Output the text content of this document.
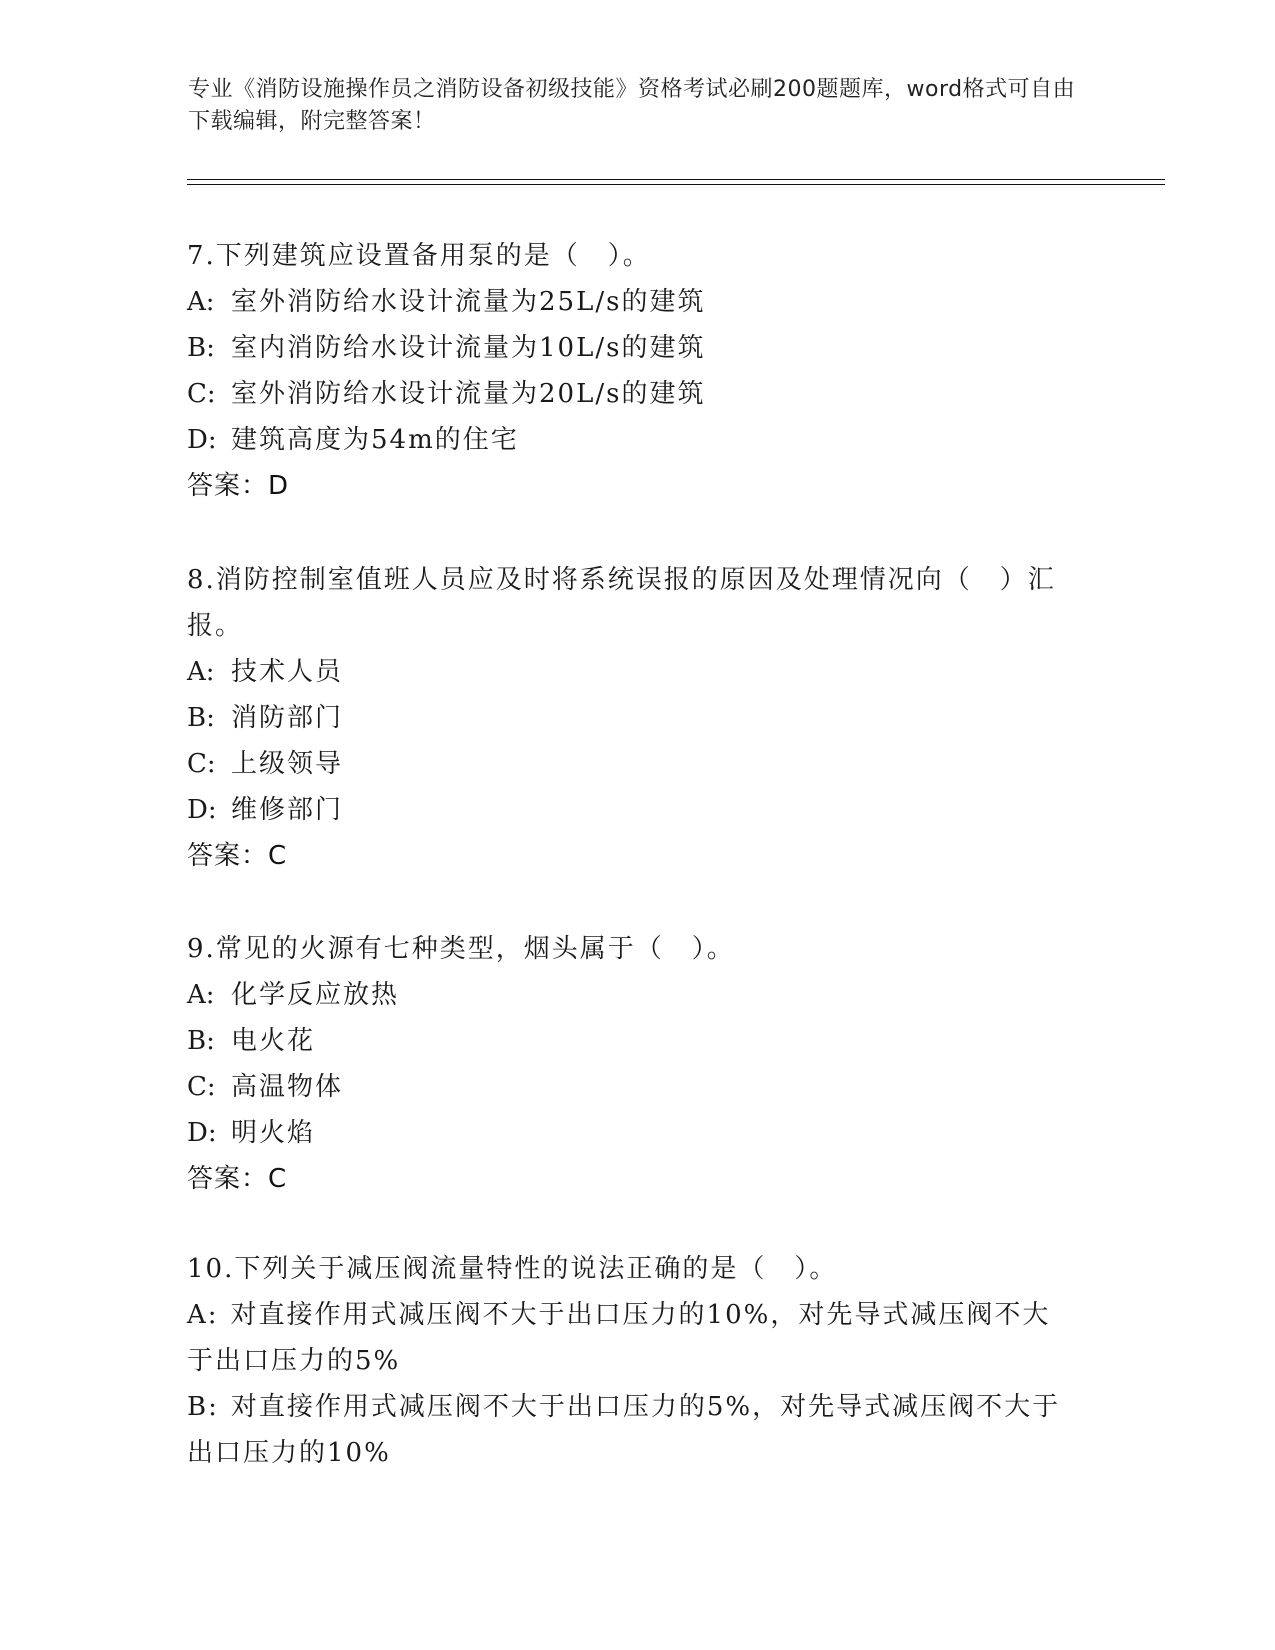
专业《消防设施操作员之消防设备初级技能》资格考试必刷200题题库，word格式可自由下载编辑，附完整答案！
7.下列建筑应设置备用泵的是（　）。
A: 室外消防给水设计流量为25L/s的建筑
B: 室内消防给水设计流量为10L/s的建筑
C: 室外消防给水设计流量为20L/s的建筑
D: 建筑高度为54m的住宅
答案：D
8.消防控制室值班人员应及时将系统误报的原因及处理情况向（　）汇报。
A: 技术人员
B: 消防部门
C: 上级领导
D: 维修部门
答案：C
9.常见的火源有七种类型，烟头属于（　）。
A: 化学反应放热
B: 电火花
C: 高温物体
D: 明火焰
答案：C
10.下列关于减压阀流量特性的说法正确的是（　）。
A: 对直接作用式减压阀不大于出口压力的10%，对先导式减压阀不大于出口压力的5%
B: 对直接作用式减压阀不大于出口压力的5%，对先导式减压阀不大于出口压力的10%
